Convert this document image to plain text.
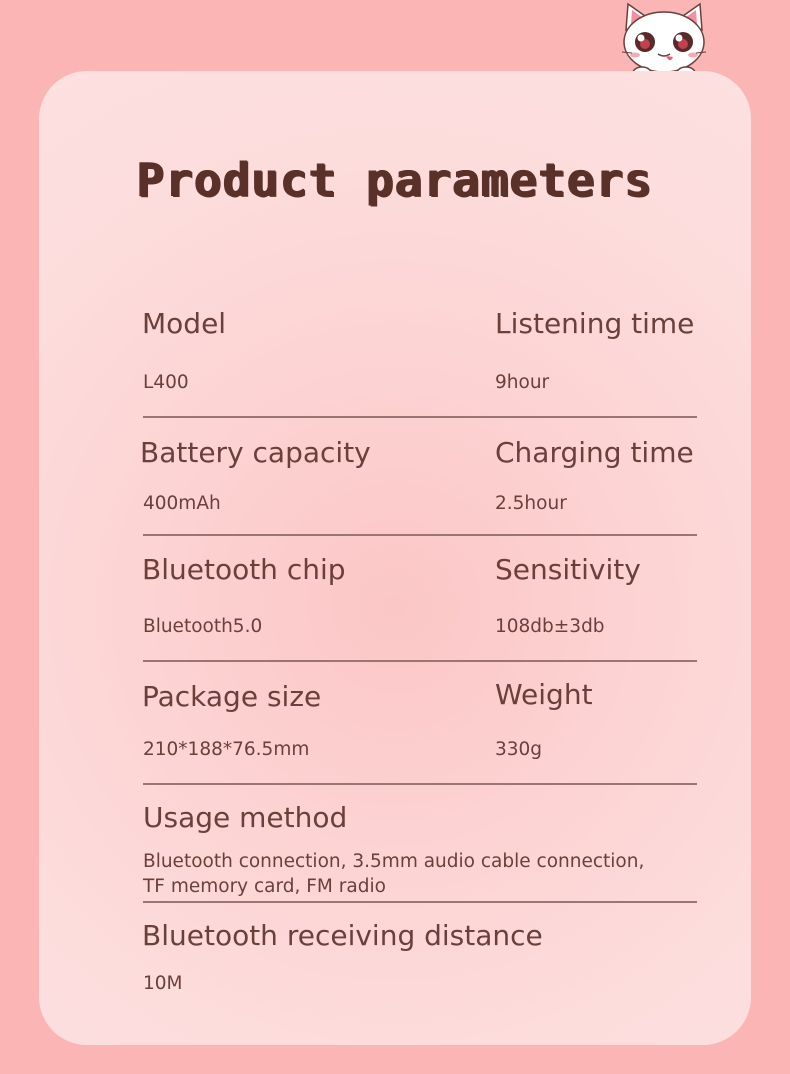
Product parameters
Model
L400
Listening time
9hour
Battery capacity
400mAh
Charging time
2.5hour
Bluetooth chip
Bluetooth5.0
Sensitivity
108db±3db
Package size
210*188*76.5mm
Weight
330g
Usage method
Bluetooth connection, 3.5mm audio cable connection,
TF memory card, FM radio
Bluetooth receiving distance
10M
